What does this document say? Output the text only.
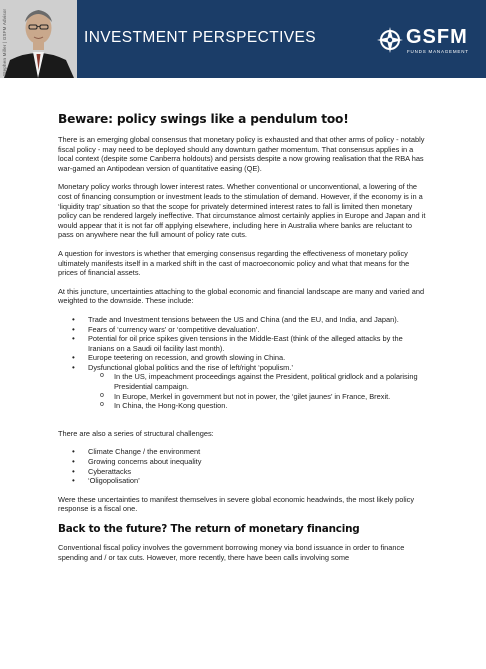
Stephen Miller | GSFM Advisor	INVESTMENT PERSPECTIVES	GSFM
FUNDS MANAGEMENT
Beware: policy swings like a pendulum too!

There is an emerging global consensus that monetary policy is exhausted and that other arms of policy - notably fiscal policy - may need to be deployed should any downturn gather momentum. That consensus applies in a local context (despite some Canberra holdouts) and persists despite a now growing realisation that the RBA has war-gamed an Antipodean version of quantitative easing (QE).

Monetary policy works through lower interest rates. Whether conventional or unconventional, a lowering of the cost of financing consumption or investment leads to the stimulation of demand. However, if the economy is in a ‘liquidity trap’ situation so that the scope for privately determined interest rates to fall is limited then monetary policy can be rendered largely ineffective. That circumstance almost certainly applies in Europe and Japan and it would appear that it is not far off applying elsewhere, including here in Australia where banks are reluctant to pass on anywhere near the full amount of policy rate cuts.

A question for investors is whether that emerging consensus regarding the effectiveness of monetary policy ultimately manifests itself in a marked shift in the cast of macroeconomic policy and what that means for the prices of financial assets.

At this juncture, uncertainties attaching to the global economic and financial landscape are many and varied and weighted to the downside. These include:

• Trade and Investment tensions between the US and China (and the EU, and India, and Japan).
• Fears of ‘currency wars’ or ‘competitive devaluation’.
• Potential for oil price spikes given tensions in the Middle-East (think of the alleged attacks by the Iranians on a Saudi oil facility last month).
• Europe teetering on recession, and growth slowing in China.
• Dysfunctional global politics and the rise of left/right ‘populism.’
o In the US, impeachment proceedings against the President, political gridlock and a polarising Presidential campaign.
o In Europe, Merkel in government but not in power, the ‘gilet jaunes’ in France, Brexit.
o In China, the Hong-Kong question.

There are also a series of structural challenges:

• Climate Change / the environment
• Growing concerns about inequality
• Cyberattacks
• ‘Oligopolisation’

Were these uncertainties to manifest themselves in severe global economic headwinds, the most likely policy response is a fiscal one.

Back to the future? The return of monetary financing

Conventional fiscal policy involves the government borrowing money via bond issuance in order to finance spending and / or tax cuts. However, more recently, there have been calls involving some
